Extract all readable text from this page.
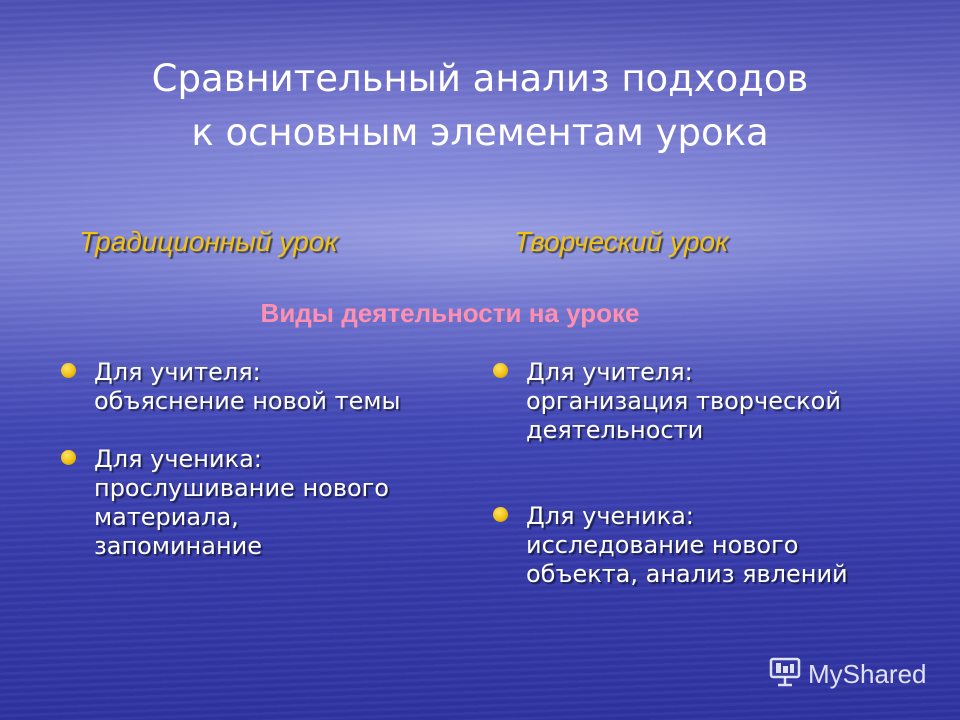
Сравнительный анализ подходов
к основным элементам урока
Традиционный урок	Творческий урок
Виды деятельности на уроке
Для учителя:
объяснение новой темы
Для ученика:
прослушивание нового
материала,
запоминание
Для учителя:
организация творческой
деятельности
Для ученика:
исследование нового
объекта, анализ явлений
MyShared
